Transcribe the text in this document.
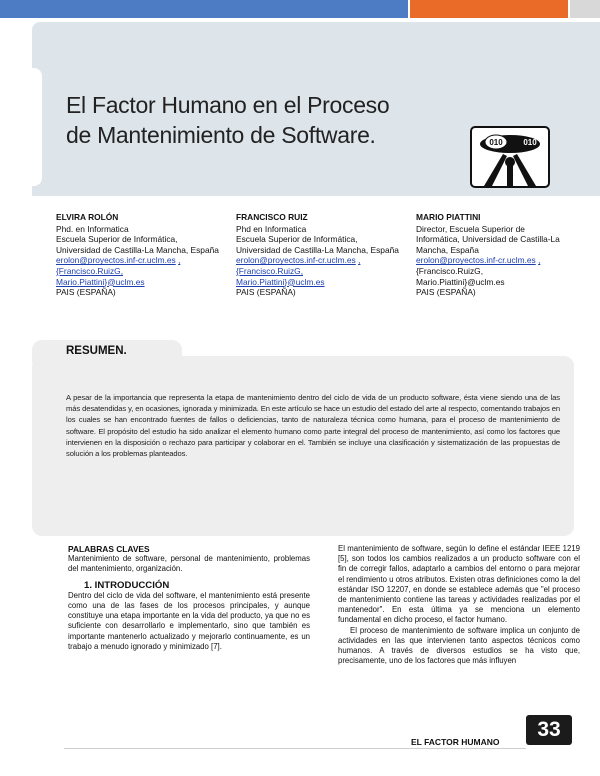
El Factor Humano en el Proceso
de Mantenimiento de Software.	010	010
ELVIRA ROLÓN
Phd. en Informatica
Escuela Superior de Informática,
Universidad de Castilla-La Mancha, España
erolon@proyectos.inf-cr.uclm.es ,
{Francisco.RuizG,
Mario.Piattini}@uclm.es
PAIS (ESPAÑA)
FRANCISCO RUIZ
Phd en Informatica
Escuela Superior de Informática,
Universidad de Castilla-La Mancha, España
erolon@proyectos.inf-cr.uclm.es ,
{Francisco.RuizG,
Mario.Piattini}@uclm.es
PAIS (ESPAÑA)
MARIO PIATTINI
Director, Escuela Superior de
Informática, Universidad de Castilla-La
Mancha, España
erolon@proyectos.inf-cr.uclm.es ,
{Francisco.RuizG,
Mario.Piattini}@uclm.es
PAIS (ESPAÑA)
RESUMEN.
A pesar de la importancia que representa la etapa de mantenimiento dentro del ciclo de vida de un producto software, ésta viene siendo una de las más desatendidas y, en ocasiones, ignorada y minimizada. En este artículo se hace un estudio del estado del arte al respecto, comentando trabajos en los cuales se han encontrado fuentes de fallos o deficiencias, tanto de naturaleza técnica como humana, para el proceso de mantenimiento de software. El propósito del estudio ha sido analizar el elemento humano como parte integral del proceso de mantenimiento, así como los factores que intervienen en la disposición o rechazo para participar y colaborar en el. También se incluye una clasificación y sistematización de las propuestas de solución a los problemas planteados.
PALABRAS CLAVES

Mantenimiento de software, personal de mantenimiento, problemas del mantenimiento, organización.

1. INTRODUCCIÓN

Dentro del ciclo de vida del software, el mantenimiento está presente como una de las fases de los procesos principales, y aunque constituye una etapa importante en la vida del producto, ya que no es suficiente con desarrollarlo e implementarlo, sino que también es importante mantenerlo actualizado y mejorarlo continuamente, es un trabajo a menudo ignorado y minimizado [7].

El mantenimiento de software, según lo define el estándar IEEE 1219 [5], son todos los cambios realizados a un producto software con el fin de corregir fallos, adaptarlo a cambios del entorno o para mejorar el rendimiento u otros atributos. Existen otras definiciones como la del estándar ISO 12207, en donde se establece además que "el proceso de mantenimiento contiene las tareas y actividades realizadas por el mantenedor". En esta última ya se menciona un elemento fundamental en dicho proceso, el factor humano.

El proceso de mantenimiento de software implica un conjunto de actividades en las que intervienen tanto aspectos técnicos como humanos. A través de diversos estudios se ha visto que, precisamente, uno de los factores que más influyen

EL FACTOR HUMANO
33
